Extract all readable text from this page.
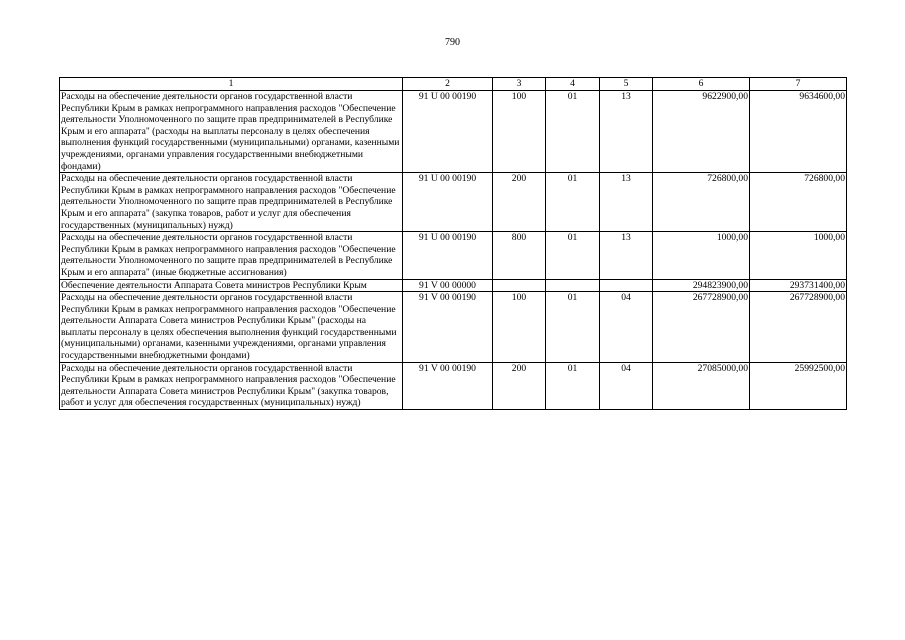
790
1	2	3	4	5	6	7
Расходы на обеспечение деятельности органов государственной власти Республики Крым в рамках непрограммного направления расходов "Обеспечение деятельности Уполномоченного по защите прав предпринимателей в Республике Крым и его аппарата" (расходы на выплаты персоналу в целях обеспечения выполнения функций государственными (муниципальными) органами, казенными учреждениями, органами управления государственными внебюджетными фондами)	91 U 00 00190	100	01	13	9622900,00	9634600,00
Расходы на обеспечение деятельности органов государственной власти Республики Крым в рамках непрограммного направления расходов "Обеспечение деятельности Уполномоченного по защите прав предпринимателей в Республике Крым и его аппарата" (закупка товаров, работ и услуг для обеспечения государственных (муниципальных) нужд)	91 U 00 00190	200	01	13	726800,00	726800,00
Расходы на обеспечение деятельности органов государственной власти Республики Крым в рамках непрограммного направления расходов "Обеспечение деятельности Уполномоченного по защите прав предпринимателей в Республике Крым и его аппарата" (иные бюджетные ассигнования)	91 U 00 00190	800	01	13	1000,00	1000,00
Обеспечение деятельности Аппарата Совета министров Республики Крым	91 V 00 00000				294823900,00	293731400,00
Расходы на обеспечение деятельности органов государственной власти Республики Крым в рамках непрограммного направления расходов "Обеспечение деятельности Аппарата Совета министров Республики Крым" (расходы на выплаты персоналу в целях обеспечения выполнения функций государственными (муниципальными) органами, казенными учреждениями, органами управления государственными внебюджетными фондами)	91 V 00 00190	100	01	04	267728900,00	267728900,00
Расходы на обеспечение деятельности органов государственной власти Республики Крым в рамках непрограммного направления расходов "Обеспечение деятельности Аппарата Совета министров Республики Крым" (закупка товаров, работ и услуг для обеспечения государственных (муниципальных) нужд)	91 V 00 00190	200	01	04	27085000,00	25992500,00
